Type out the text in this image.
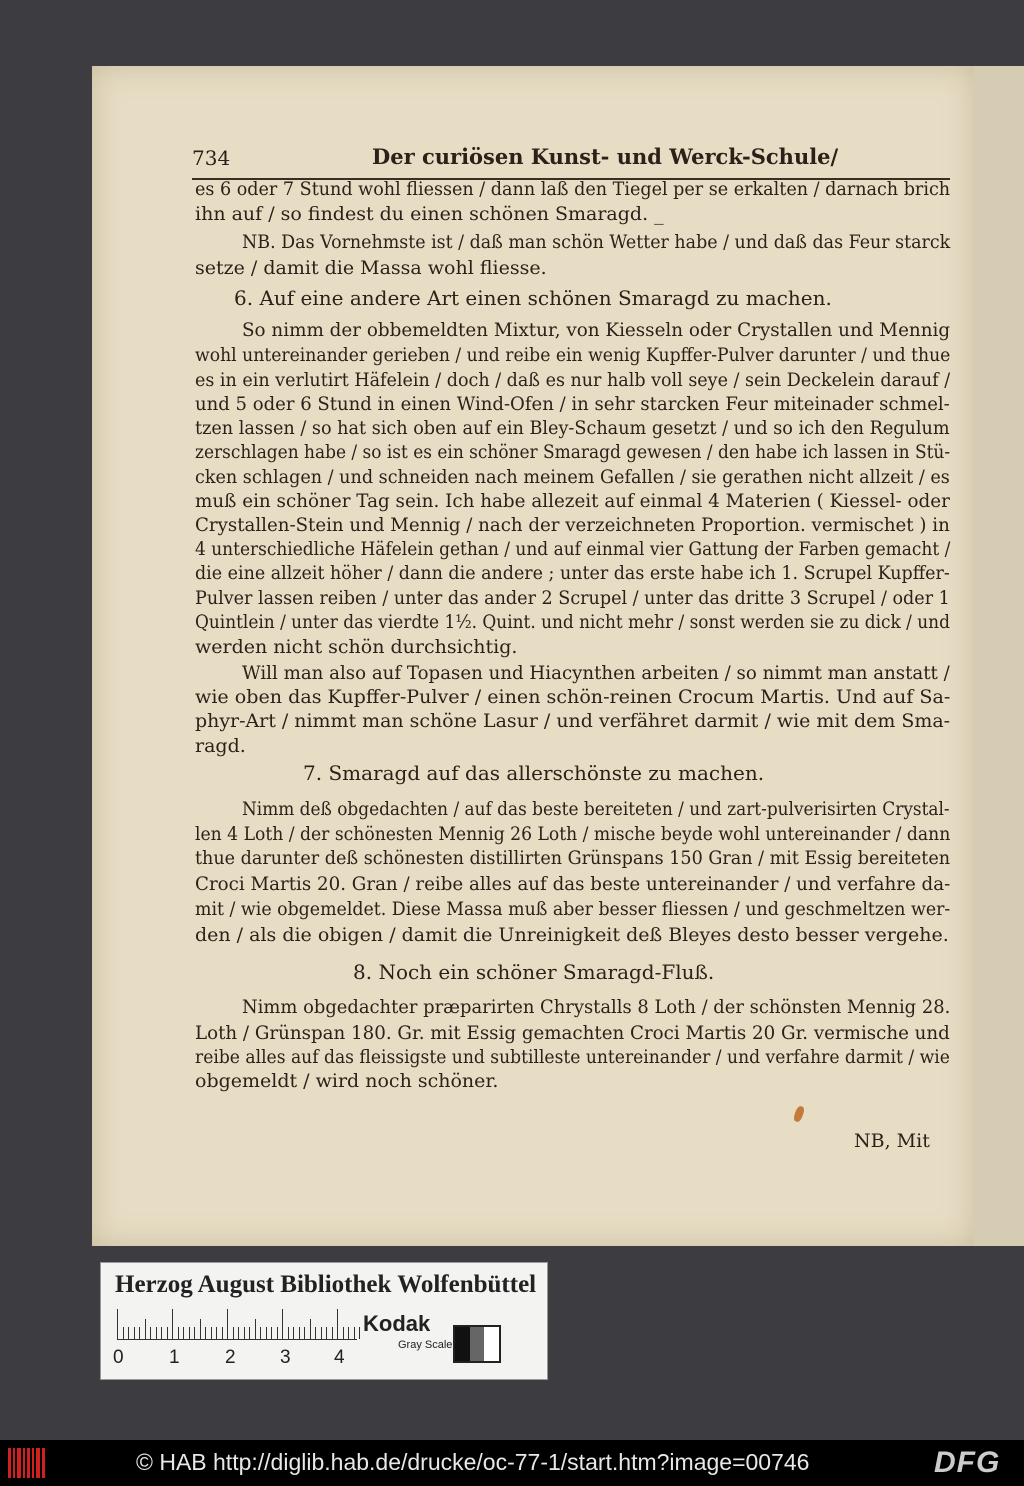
734	Der curiösen Kunst- und Werck-Schule/
es 6 oder 7 Stund wohl fliessen / dann laß den Tiegel per se erkalten / darnach brich
ihn auf / so findest du einen schönen Smaragd. _
NB. Das Vornehmste ist / daß man schön Wetter habe / und daß das Feur starck
setze / damit die Massa wohl fliesse.
6. Auf eine andere Art einen schönen Smaragd zu machen.
So nimm der obbemeldten Mixtur, von Kiesseln oder Crystallen und Mennig
wohl untereinander gerieben / und reibe ein wenig Kupffer-Pulver darunter / und thue
es in ein verlutirt Häfelein / doch / daß es nur halb voll seye / sein Deckelein darauf /
und 5 oder 6 Stund in einen Wind-Ofen / in sehr starcken Feur miteinader schmel-
tzen lassen / so hat sich oben auf ein Bley-Schaum gesetzt / und so ich den Regulum
zerschlagen habe / so ist es ein schöner Smaragd gewesen / den habe ich lassen in Stü-
cken schlagen / und schneiden nach meinem Gefallen / sie gerathen nicht allzeit / es
muß ein schöner Tag sein. Ich habe allezeit auf einmal 4 Materien ( Kiessel- oder
Crystallen-Stein und Mennig / nach der verzeichneten Proportion. vermischet ) in
4 unterschiedliche Häfelein gethan / und auf einmal vier Gattung der Farben gemacht /
die eine allzeit höher / dann die andere ; unter das erste habe ich 1. Scrupel Kupffer-
Pulver lassen reiben / unter das ander 2 Scrupel / unter das dritte 3 Scrupel / oder 1
Quintlein / unter das vierdte 1½. Quint. und nicht mehr / sonst werden sie zu dick / und
werden nicht schön durchsichtig.
Will man also auf Topasen und Hiacynthen arbeiten / so nimmt man anstatt /
wie oben das Kupffer-Pulver / einen schön-reinen Crocum Martis. Und auf Sa-
phyr-Art / nimmt man schöne Lasur / und verfähret darmit / wie mit dem Sma-
ragd.
7. Smaragd auf das allerschönste zu machen.
Nimm deß obgedachten / auf das beste bereiteten / und zart-pulverisirten Crystal-
len 4 Loth / der schönesten Mennig 26 Loth / mische beyde wohl untereinander / dann
thue darunter deß schönesten distillirten Grünspans 150 Gran / mit Essig bereiteten
Croci Martis 20. Gran / reibe alles auf das beste untereinander / und verfahre da-
mit / wie obgemeldet. Diese Massa muß aber besser fliessen / und geschmeltzen wer-
den / als die obigen / damit die Unreinigkeit deß Bleyes desto besser vergehe.
8. Noch ein schöner Smaragd-Fluß.
Nimm obgedachter præparirten Chrystalls 8 Loth / der schönsten Mennig 28.
Loth / Grünspan 180. Gr. mit Essig gemachten Croci Martis 20 Gr. vermische und
reibe alles auf das fleissigste und subtilleste untereinander / und verfahre darmit / wie
obgemeldt / wird noch schöner.
NB, Mit
Herzog August Bibliothek Wolfenbüttel
0 1 2 3 4
Kodak
Gray Scale
© HAB http://diglib.hab.de/drucke/oc-77-1/start.htm?image=00746	DFG
